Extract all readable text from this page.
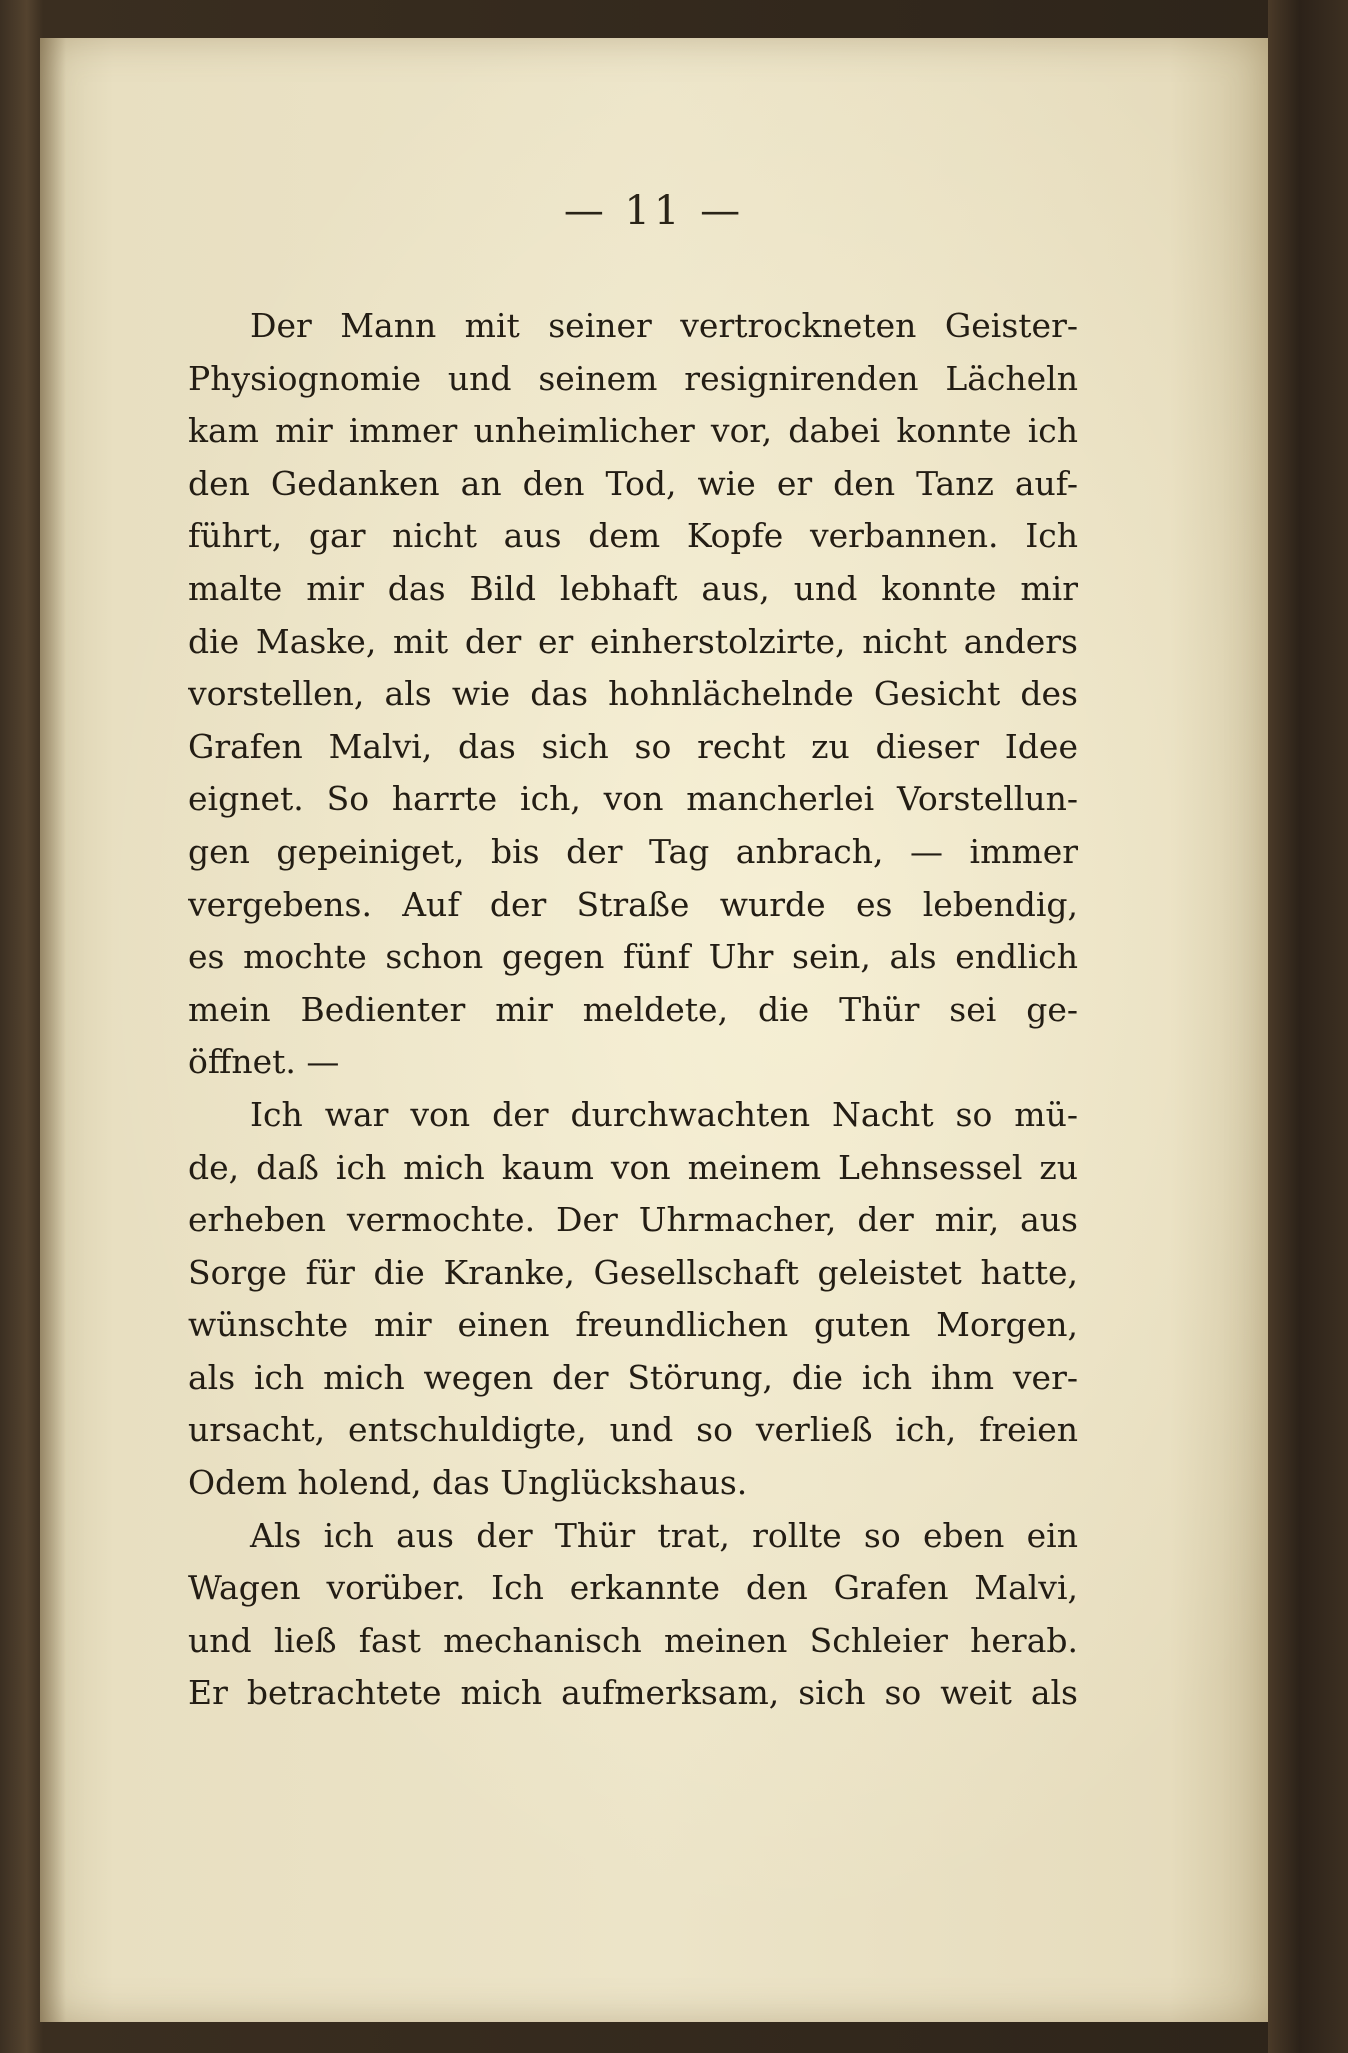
— 11 —
Der Mann mit seiner vertrockneten Geister-
Physiognomie und seinem resignirenden Lächeln
kam mir immer unheimlicher vor, dabei konnte ich
den Gedanken an den Tod, wie er den Tanz auf-
führt, gar nicht aus dem Kopfe verbannen. Ich
malte mir das Bild lebhaft aus, und konnte mir
die Maske, mit der er einherstolzirte, nicht anders
vorstellen, als wie das hohnlächelnde Gesicht des
Grafen Malvi, das sich so recht zu dieser Idee
eignet. So harrte ich, von mancherlei Vorstellun-
gen gepeiniget, bis der Tag anbrach, — immer
vergebens. Auf der Straße wurde es lebendig,
es mochte schon gegen fünf Uhr sein, als endlich
mein Bedienter mir meldete, die Thür sei ge-
öffnet. —
Ich war von der durchwachten Nacht so mü-
de, daß ich mich kaum von meinem Lehnsessel zu
erheben vermochte. Der Uhrmacher, der mir, aus
Sorge für die Kranke, Gesellschaft geleistet hatte,
wünschte mir einen freundlichen guten Morgen,
als ich mich wegen der Störung, die ich ihm ver-
ursacht, entschuldigte, und so verließ ich, freien
Odem holend, das Unglückshaus.
Als ich aus der Thür trat, rollte so eben ein
Wagen vorüber. Ich erkannte den Grafen Malvi,
und ließ fast mechanisch meinen Schleier herab.
Er betrachtete mich aufmerksam, sich so weit als
